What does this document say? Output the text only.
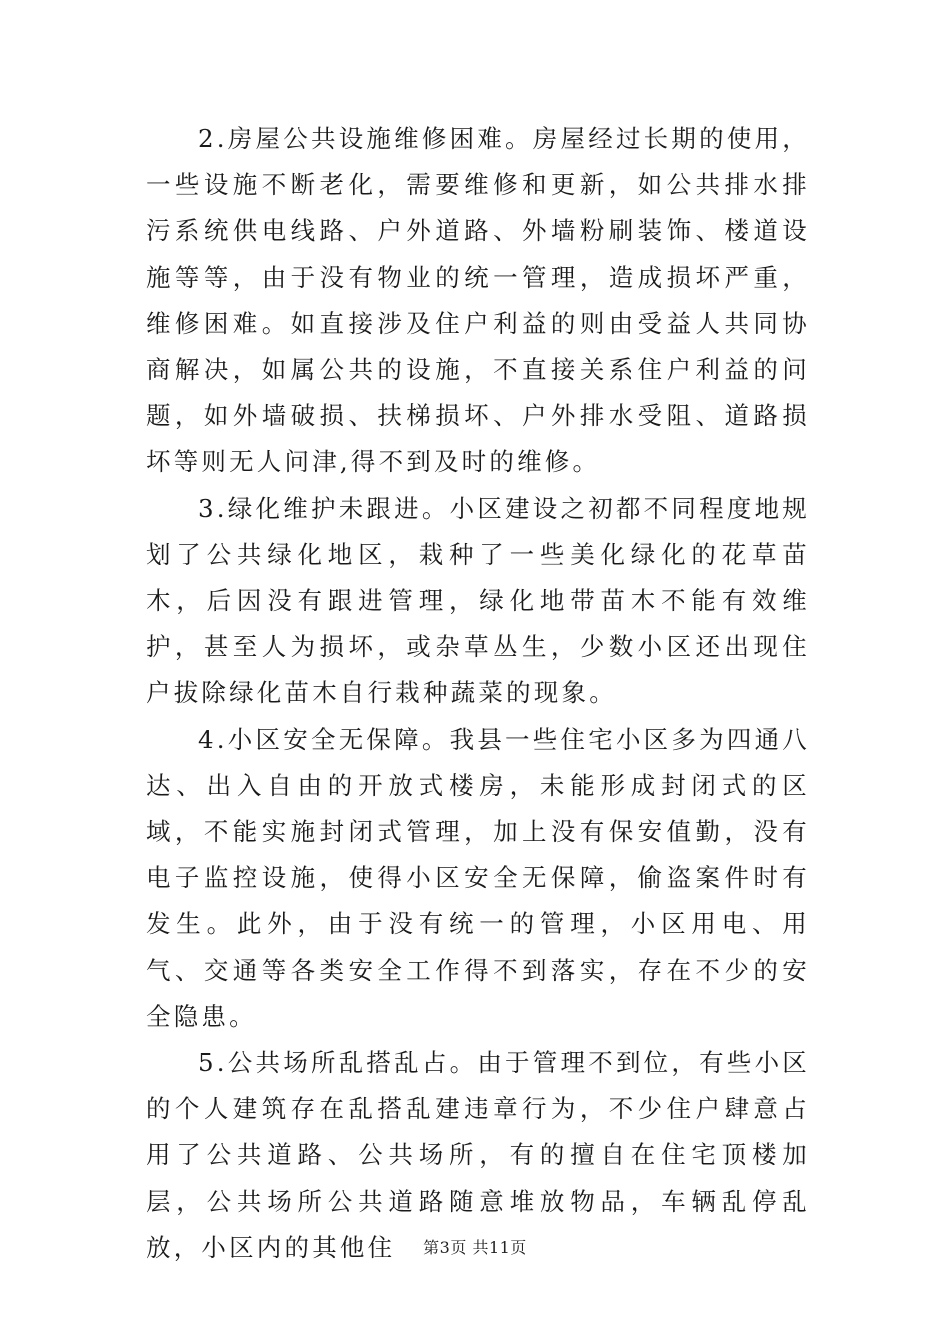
2.房屋公共设施维修困难。房屋经过长期的使用，一些设施不断老化，需要维修和更新，如公共排水排污系统供电线路、户外道路、外墙粉刷装饰、楼道设施等等，由于没有物业的统一管理，造成损坏严重，维修困难。如直接涉及住户利益的则由受益人共同协商解决，如属公共的设施，不直接关系住户利益的问题，如外墙破损、扶梯损坏、户外排水受阻、道路损坏等则无人问津,得不到及时的维修。

3.绿化维护未跟进。小区建设之初都不同程度地规划了公共绿化地区，栽种了一些美化绿化的花草苗木，后因没有跟进管理，绿化地带苗木不能有效维护，甚至人为损坏，或杂草丛生，少数小区还出现住户拔除绿化苗木自行栽种蔬菜的现象。

4.小区安全无保障。我县一些住宅小区多为四通八达、出入自由的开放式楼房，未能形成封闭式的区域，不能实施封闭式管理，加上没有保安值勤，没有电子监控设施，使得小区安全无保障，偷盗案件时有发生。此外，由于没有统一的管理，小区用电、用气、交通等各类安全工作得不到落实，存在不少的安全隐患。

5.公共场所乱搭乱占。由于管理不到位，有些小区的个人建筑存在乱搭乱建违章行为，不少住户肆意占用了公共道路、公共场所，有的擅自在住宅顶楼加层，公共场所公共道路随意堆放物品，车辆乱停乱放，小区内的其他住	第3页 共11页
